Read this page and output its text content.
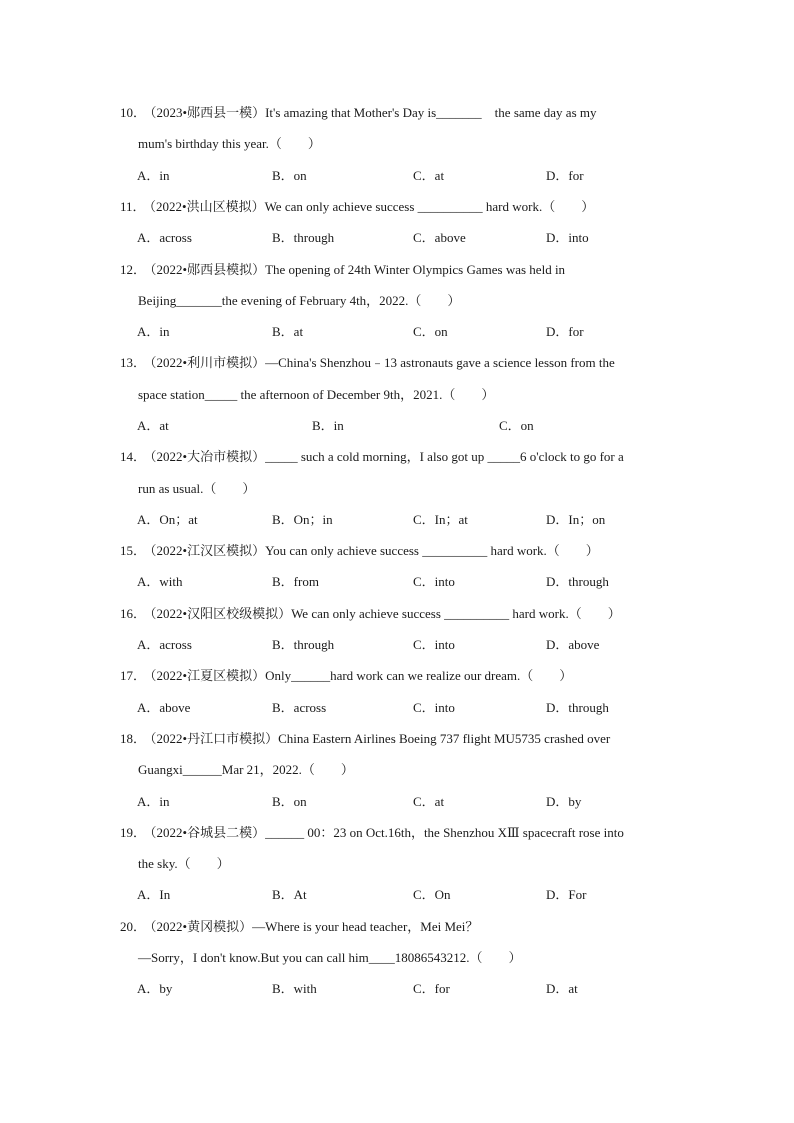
10． （2023•郧西县一模）It's amazing that Mother's Day is_______　the same day as my
mum's birthday this year.（　　）
A．in	B．on	C．at	D．for
11． （2022•洪山区模拟）We can only achieve success __________ hard work.（　　）
A．across	B．through	C．above	D．into
12． （2022•郧西县模拟）The opening of 24th Winter Olympics Games was held in
Beijing_______the evening of February 4th，2022.（　　）
A．in	B．at	C．on	D．for
13． （2022•利川市模拟）—China's Shenzhou﹣13 astronauts gave a science lesson from the
space station_____ the afternoon of December 9th，2021.（　　）
A．at	B．in	C．on
14． （2022•大冶市模拟）_____ such a cold morning，I also got up _____6 o'clock to go for a
run as usual.（　　）
A．On；at	B．On；in	C．In；at	D．In；on
15． （2022•江汉区模拟）You can only achieve success __________ hard work.（　　）
A．with	B．from	C．into	D．through
16． （2022•汉阳区校级模拟）We can only achieve success __________ hard work.（　　）
A．across	B．through	C．into	D．above
17． （2022•江夏区模拟）Only______hard work can we realize our dream.（　　）
A．above	B．across	C．into	D．through
18． （2022•丹江口市模拟）China Eastern Airlines Boeing 737 flight MU5735 crashed over
Guangxi______Mar 21，2022.（　　）
A．in	B．on	C．at	D．by
19． （2022•谷城县二模）______ 00：23 on Oct.16th，the Shenzhou XⅢ spacecraft rose into
the sky.（　　）
A．In	B．At	C．On	D．For
20． （2022•黄冈模拟）—Where is your head teacher，Mei Mei？
—Sorry，I don't know.But you can call him____18086543212.（　　）
A．by	B．with	C．for	D．at
